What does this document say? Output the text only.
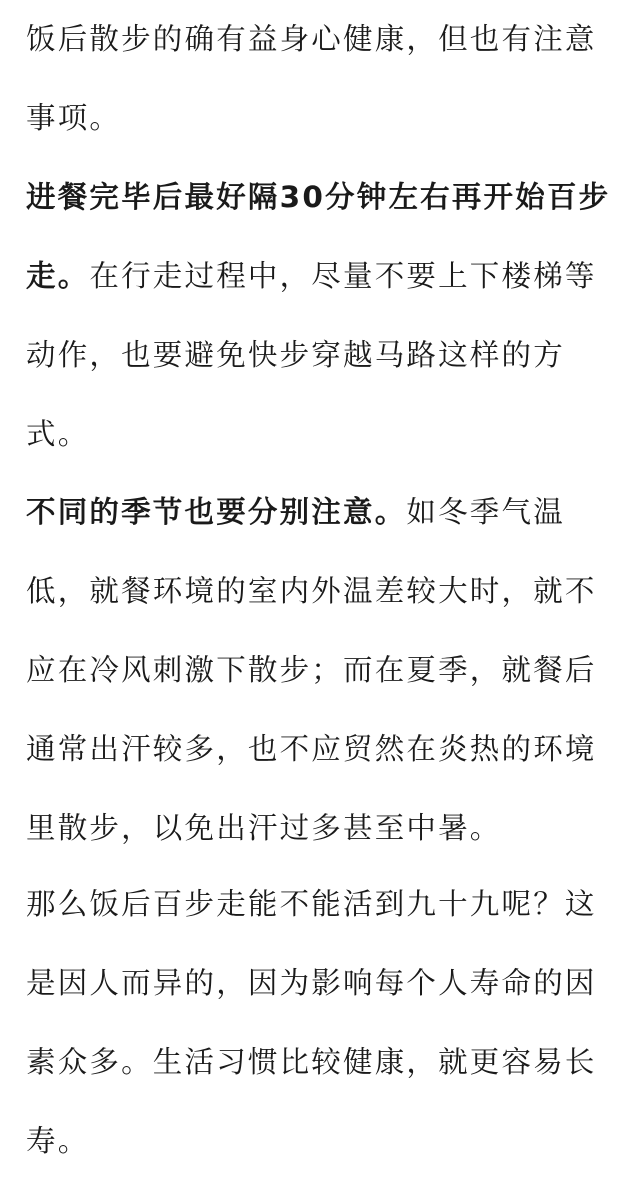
饭后散步的确有益身心健康，但也有注意事项。

进餐完毕后最好隔30分钟左右再开始百步走。在行走过程中，尽量不要上下楼梯等动作，也要避免快步穿越马路这样的方式。

不同的季节也要分别注意。如冬季气温低，就餐环境的室内外温差较大时，就不应在冷风刺激下散步；而在夏季，就餐后通常出汗较多，也不应贸然在炎热的环境里散步，以免出汗过多甚至中暑。

那么饭后百步走能不能活到九十九呢？这是因人而异的，因为影响每个人寿命的因素众多。生活习惯比较健康，就更容易长寿。
